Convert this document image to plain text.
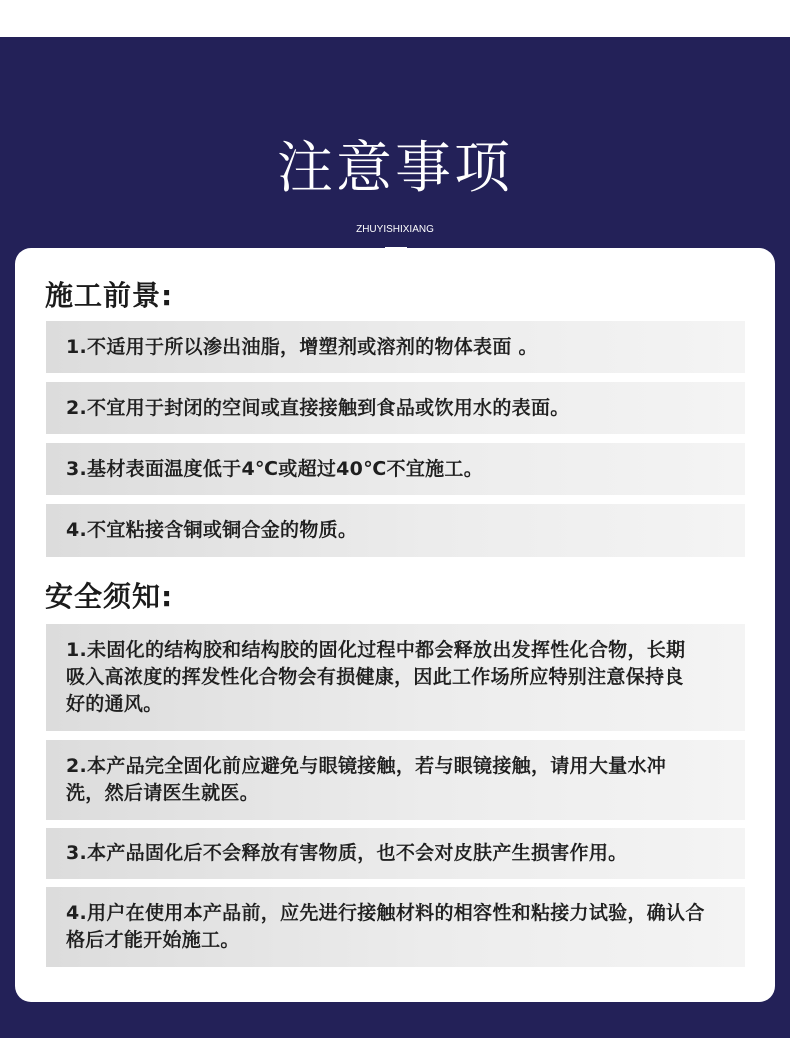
注意事项
ZHUYISHIXIANG
施工前景:
1.不适用于所以渗出油脂，增塑剂或溶剂的物体表面 。
2.不宜用于封闭的空间或直接接触到食品或饮用水的表面。
3.基材表面温度低于4℃或超过40℃不宜施工。
4.不宜粘接含铜或铜合金的物质。
安全须知:
1.未固化的结构胶和结构胶的固化过程中都会释放出发挥性化合物，长期吸入高浓度的挥发性化合物会有损健康，因此工作场所应特别注意保持良好的通风。
2.本产品完全固化前应避免与眼镜接触，若与眼镜接触，请用大量水冲洗，然后请医生就医。
3.本产品固化后不会释放有害物质，也不会对皮肤产生损害作用。
4.用户在使用本产品前，应先进行接触材料的相容性和粘接力试验，确认合格后才能开始施工。
